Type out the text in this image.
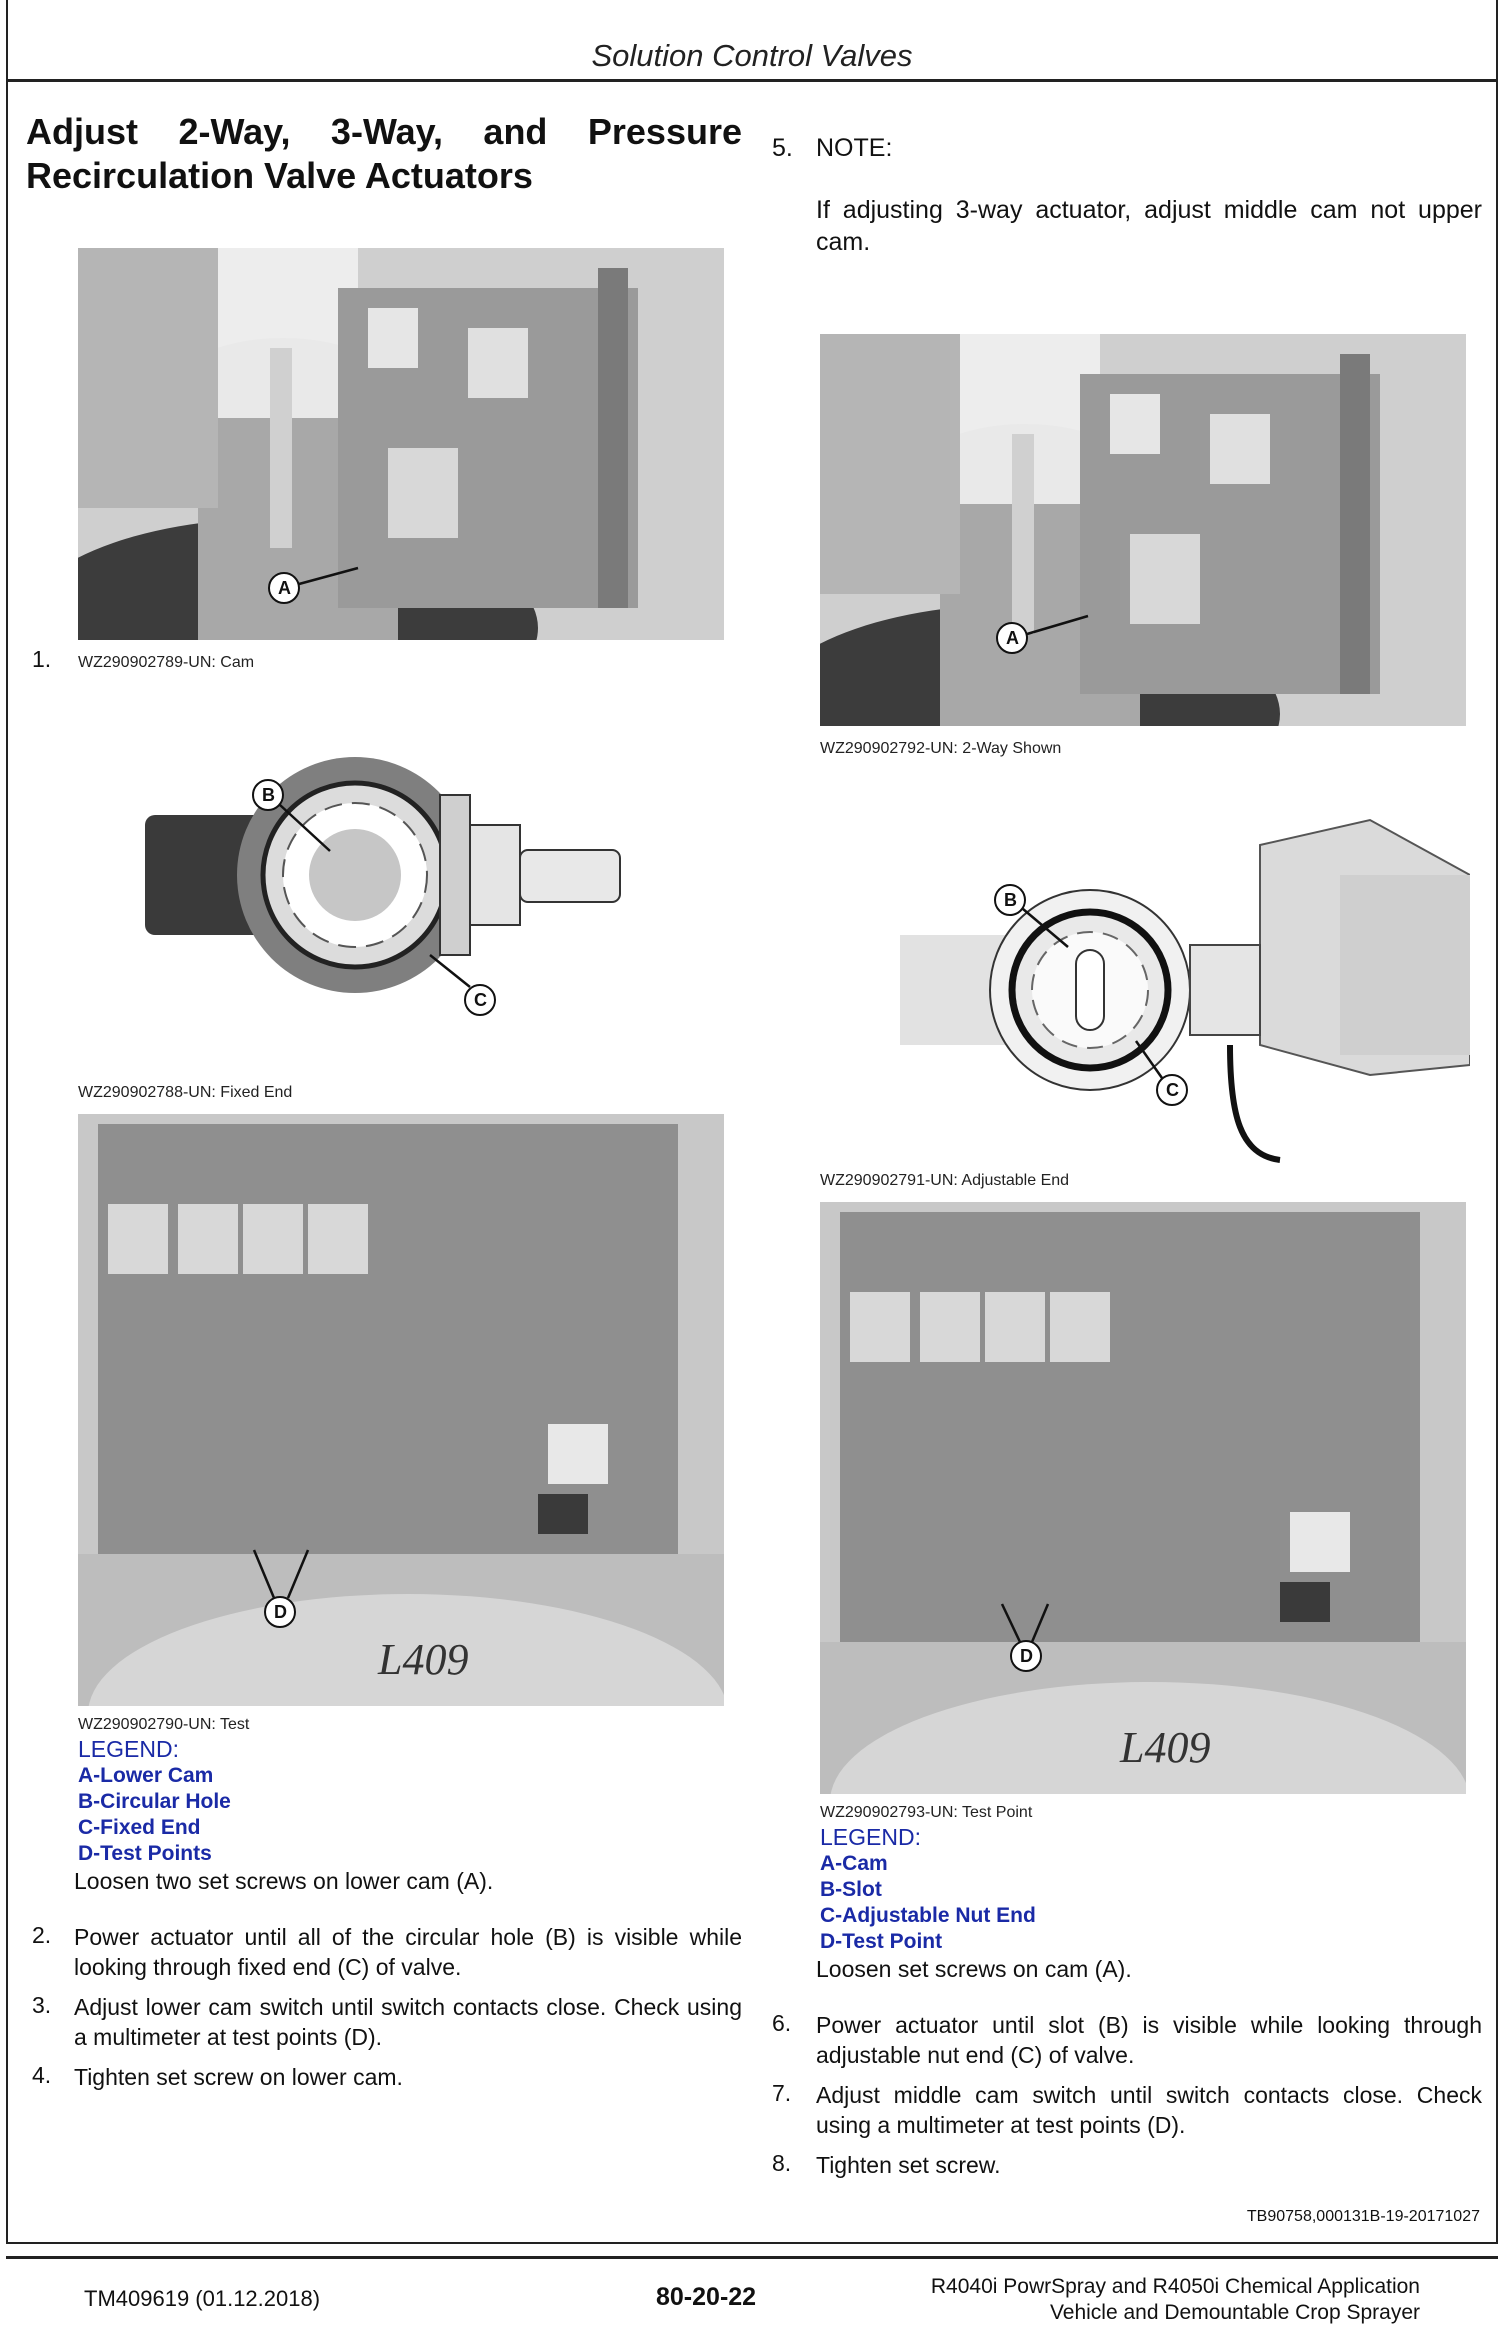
Solution Control Valves
Adjust 2-Way, 3-Way, and Pressure Recirculation Valve Actuators
5. NOTE:
If adjusting 3-way actuator, adjust middle cam not upper cam.
A
1. WZ290902789-UN: Cam
B
C
WZ290902788-UN: Fixed End
L409
D
WZ290902790-UN: Test
LEGEND:
A-Lower Cam
B-Circular Hole
C-Fixed End
D-Test Points
Loosen two set screws on lower cam (A).
2. Power actuator until all of the circular hole (B) is visible while looking through fixed end (C) of valve.
3. Adjust lower cam switch until switch contacts close. Check using a multimeter at test points (D).
4. Tighten set screw on lower cam.
A
WZ290902792-UN: 2-Way Shown
B
C
WZ290902791-UN: Adjustable End
L409
D
WZ290902793-UN: Test Point
LEGEND:
A-Cam
B-Slot
C-Adjustable Nut End
D-Test Point
Loosen set screws on cam (A).
6. Power actuator until slot (B) is visible while looking through adjustable nut end (C) of valve.
7. Adjust middle cam switch until switch contacts close. Check using a multimeter at test points (D).
8. Tighten set screw.
TB90758,000131B-19-20171027
TM409619 (01.12.2018)	80-20-22	R4040i PowrSpray and R4050i Chemical Application
Vehicle and Demountable Crop Sprayer
